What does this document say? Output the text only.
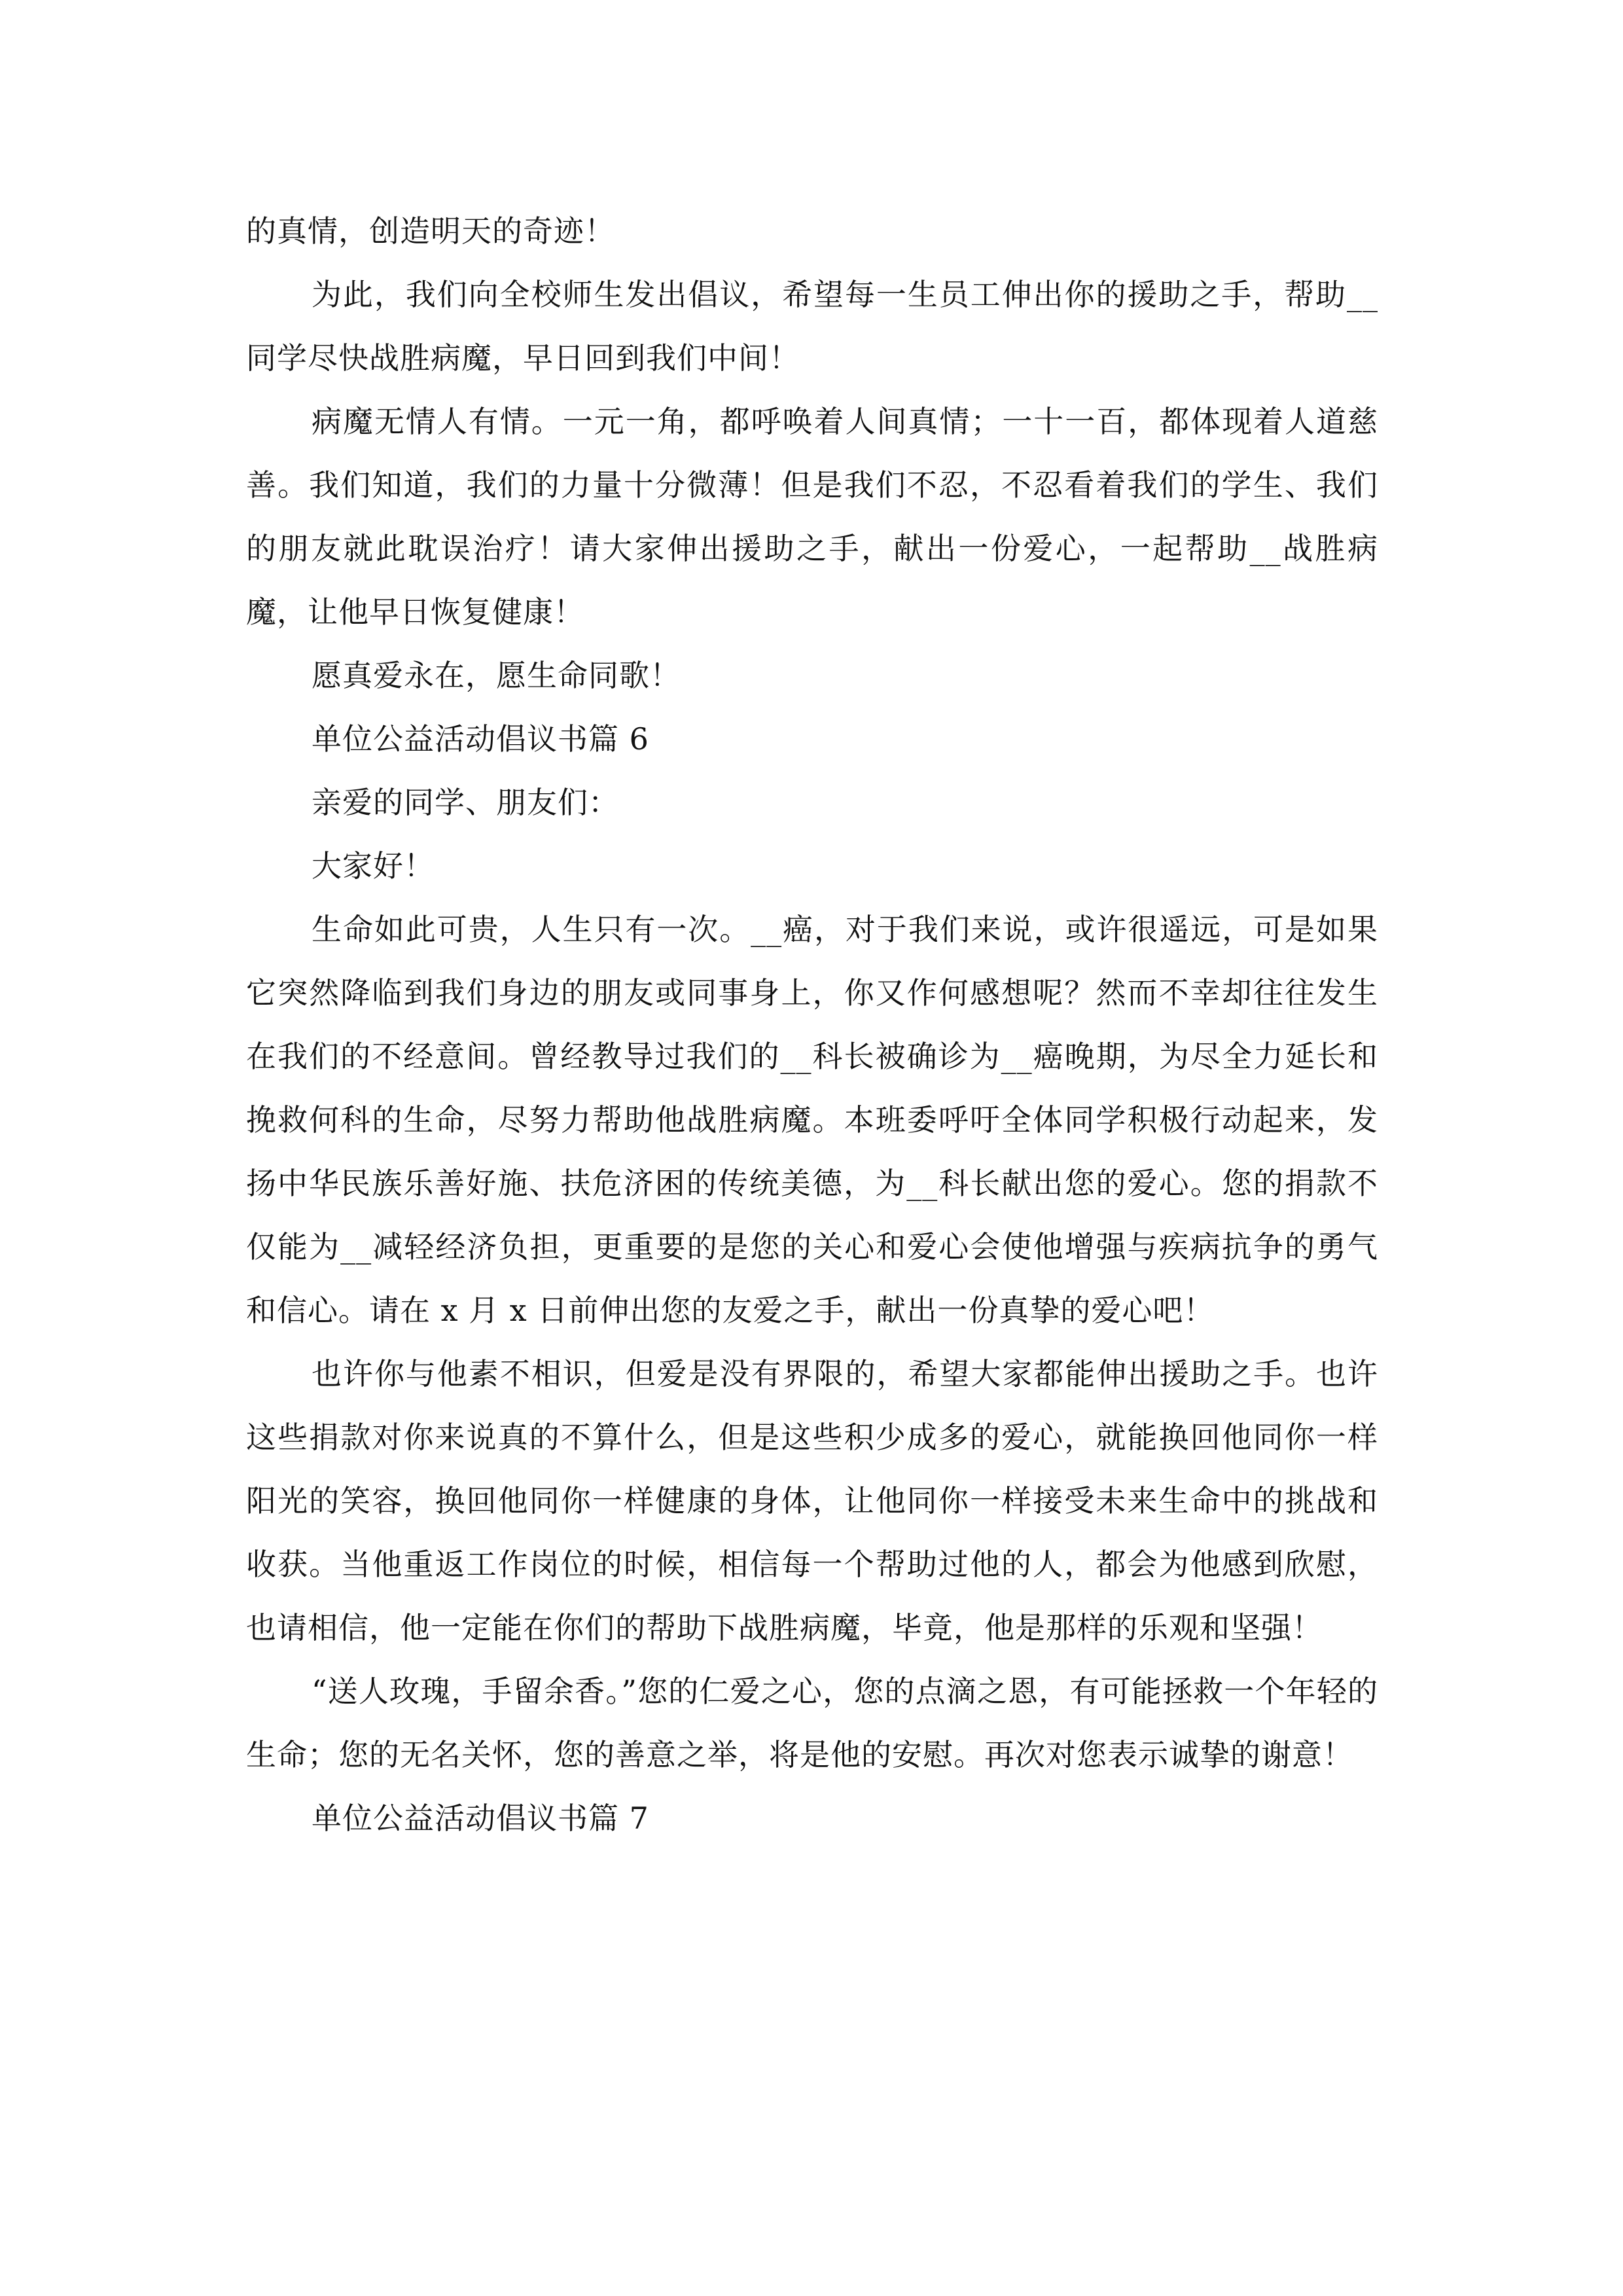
的真情，创造明天的奇迹！

为此，我们向全校师生发出倡议，希望每一生员工伸出你的援助之手，帮助__同学尽快战胜病魔，早日回到我们中间！

病魔无情人有情。一元一角，都呼唤着人间真情；一十一百，都体现着人道慈善。我们知道，我们的力量十分微薄！但是我们不忍，不忍看着我们的学生、我们的朋友就此耽误治疗！请大家伸出援助之手，献出一份爱心，一起帮助__战胜病魔，让他早日恢复健康！

愿真爱永在，愿生命同歌！

单位公益活动倡议书篇 6

亲爱的同学、朋友们：

大家好！

生命如此可贵，人生只有一次。__癌，对于我们来说，或许很遥远，可是如果它突然降临到我们身边的朋友或同事身上，你又作何感想呢？然而不幸却往往发生在我们的不经意间。曾经教导过我们的__科长被确诊为__癌晚期，为尽全力延长和挽救何科的生命，尽努力帮助他战胜病魔。本班委呼吁全体同学积极行动起来，发扬中华民族乐善好施、扶危济困的传统美德，为__科长献出您的爱心。您的捐款不仅能为__减轻经济负担，更重要的是您的关心和爱心会使他增强与疾病抗争的勇气和信心。请在 x 月 x 日前伸出您的友爱之手，献出一份真挚的爱心吧！

也许你与他素不相识，但爱是没有界限的，希望大家都能伸出援助之手。也许这些捐款对你来说真的不算什么，但是这些积少成多的爱心，就能换回他同你一样阳光的笑容，换回他同你一样健康的身体，让他同你一样接受未来生命中的挑战和收获。当他重返工作岗位的时候，相信每一个帮助过他的人，都会为他感到欣慰，也请相信，他一定能在你们的帮助下战胜病魔，毕竟，他是那样的乐观和坚强！

“送人玫瑰，手留余香。”您的仁爱之心，您的点滴之恩，有可能拯救一个年轻的生命；您的无名关怀，您的善意之举，将是他的安慰。再次对您表示诚挚的谢意！

单位公益活动倡议书篇 7
